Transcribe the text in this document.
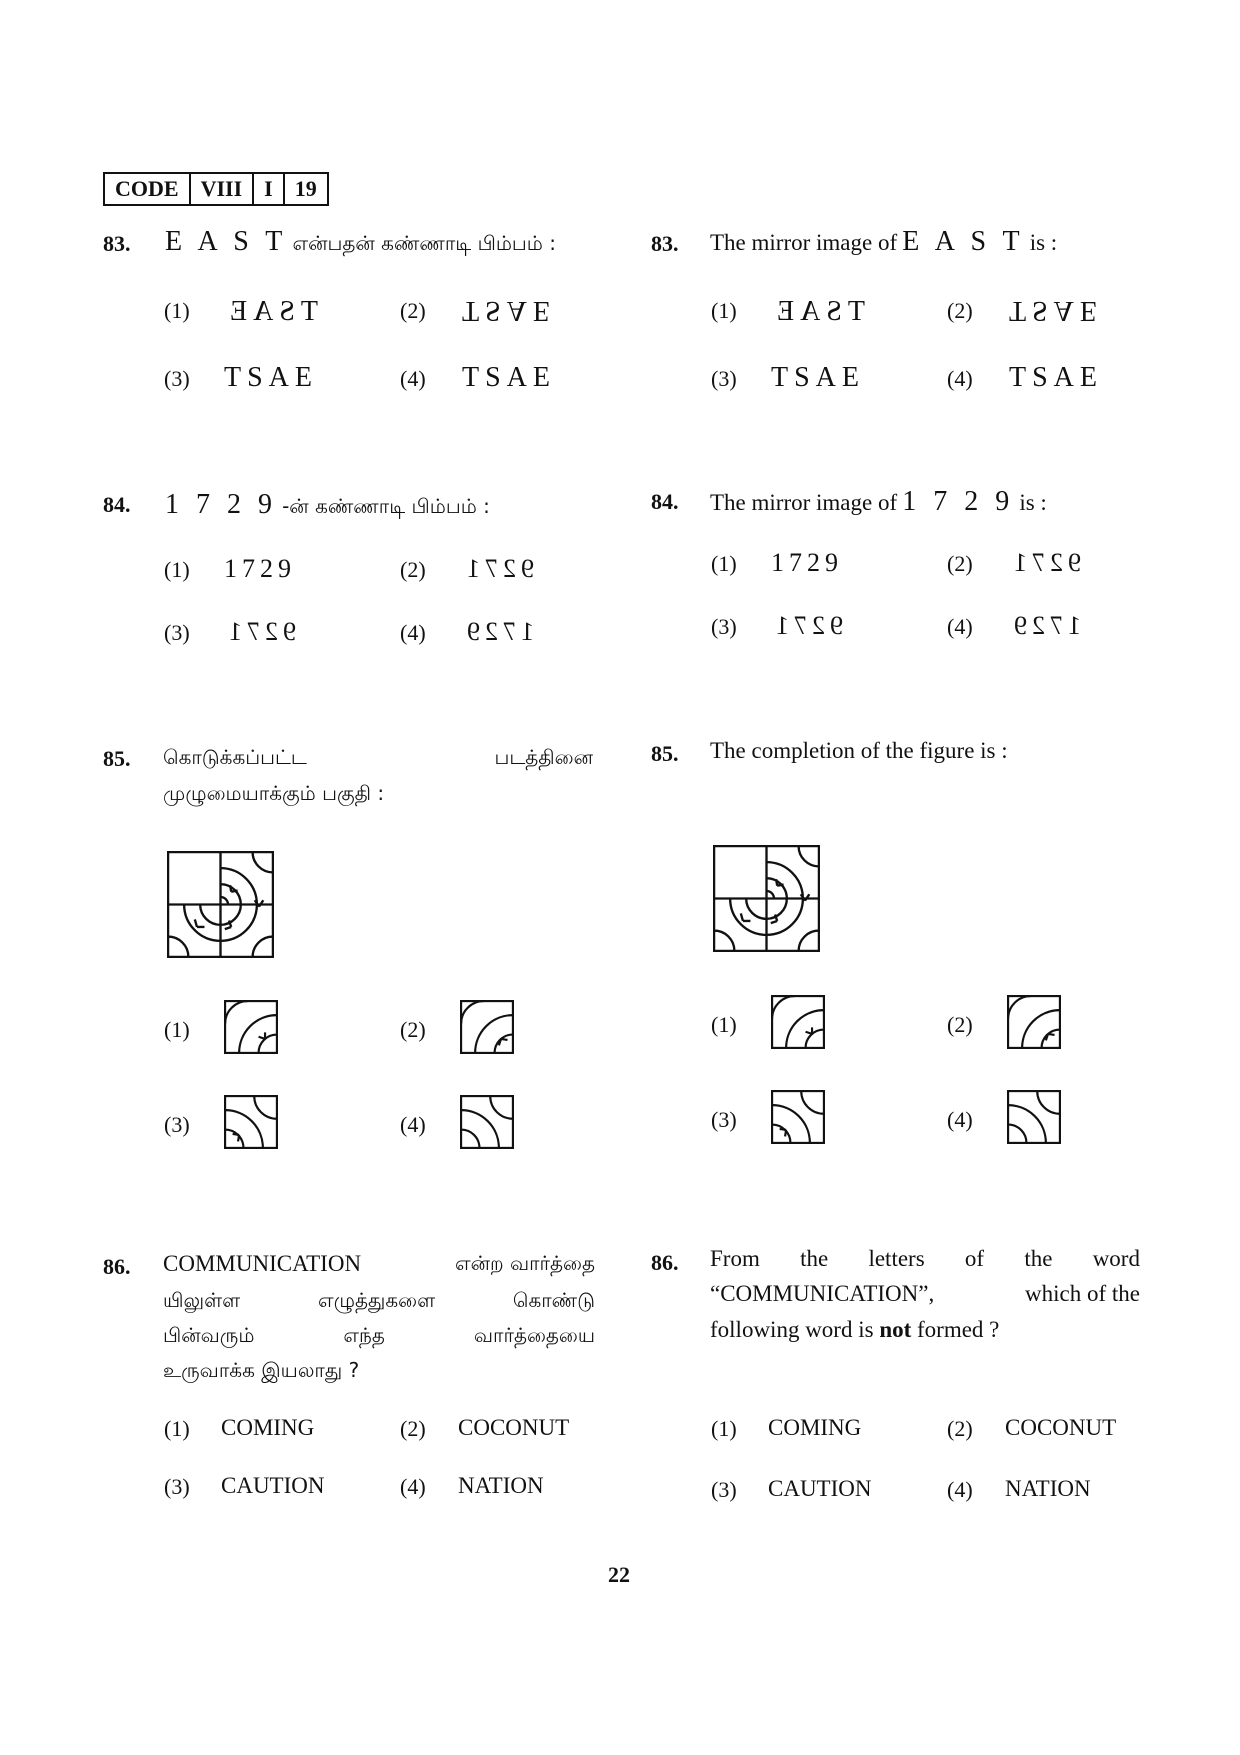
CODE	VIII	I	19
83. E A S T என்பதன் கண்ணாடி பிம்பம் :
(1) TSAE	(2) TSAE
(3) TSAE	(4) TSAE
83. The mirror image of E A S T is :
(1) TSAE	(2) TSAE
(3) TSAE	(4) TSAE
84. 1 7 2 9 -ன் கண்ணாடி பிம்பம் :
(1) 1729	(2) 9271
(3) 9271	(4) 1729
84. The mirror image of 1 7 2 9 is :
(1) 1729	(2) 9271
(3) 9271	(4) 1729
85. கொடுக்கப்பட்ட	படத்தினை
முழுமையாக்கும் பகுதி :
85. The completion of the figure is :
(1)	(2)
(3)	(4)
(1)	(2)
(3)	(4)
86. COMMUNICATION	என்ற வார்த்தை
யிலுள்ள	எழுத்துகளை	கொண்டு
பின்வரும்	எந்த	வார்த்தையை
உருவாக்க இயலாது ?
(1) COMING	(2) COCONUT
(3) CAUTION	(4) NATION
86. From the letters of the word
“COMMUNICATION”,	which of the
following word is not formed ?
(1) COMING	(2) COCONUT
(3) CAUTION	(4) NATION
22
